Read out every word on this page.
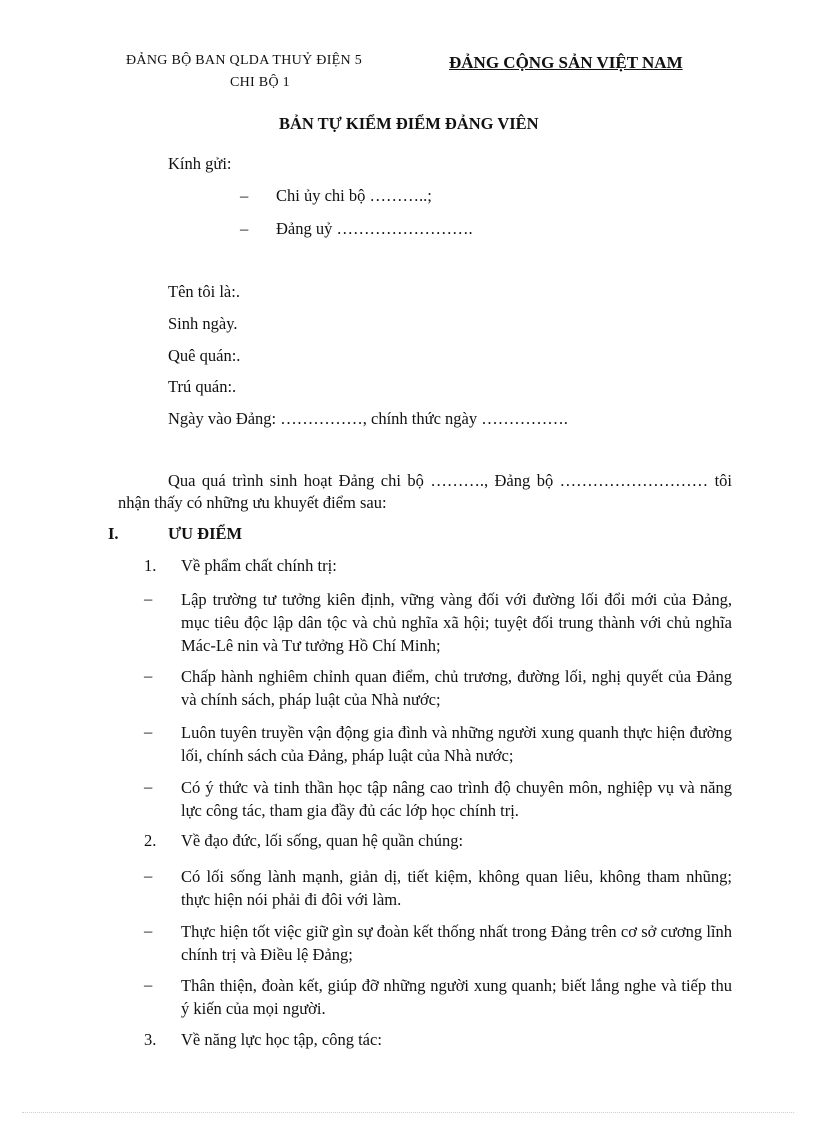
ĐẢNG BỘ BAN QLDA THUỶ ĐIỆN 5
CHI BỘ 1
ĐẢNG CỘNG SẢN VIỆT NAM
BẢN TỰ KIỂM ĐIỂM ĐẢNG VIÊN
Kính gửi:
– Chi ủy chi bộ ………..;
– Đảng uỷ …………………….
Tên tôi là:.
Sinh ngày.
Quê quán:.
Trú quán:.
Ngày vào Đảng: ……………, chính thức ngày …………….
Qua quá trình sinh hoạt Đảng chi bộ ………., Đảng bộ ……………………… tôi nhận thấy có những ưu khuyết điểm sau:
I.	ƯU ĐIỂM
1. Về phẩm chất chính trị:
– Lập trường tư tưởng kiên định, vững vàng đối với đường lối đổi mới của Đảng, mục tiêu độc lập dân tộc và chủ nghĩa xã hội; tuyệt đối trung thành với chủ nghĩa Mác-Lê nin và Tư tưởng Hồ Chí Minh;
– Chấp hành nghiêm chỉnh quan điểm, chủ trương, đường lối, nghị quyết của Đảng và chính sách, pháp luật của Nhà nước;
– Luôn tuyên truyền vận động gia đình và những người xung quanh thực hiện đường lối, chính sách của Đảng, pháp luật của Nhà nước;
– Có ý thức và tinh thần học tập nâng cao trình độ chuyên môn, nghiệp vụ và năng lực công tác, tham gia đầy đủ các lớp học chính trị.
2. Về đạo đức, lối sống, quan hệ quần chúng:
– Có lối sống lành mạnh, giản dị, tiết kiệm, không quan liêu, không tham nhũng; thực hiện nói phải đi đôi với làm.
– Thực hiện tốt việc giữ gìn sự đoàn kết thống nhất trong Đảng trên cơ sở cương lĩnh chính trị và Điều lệ Đảng;
– Thân thiện, đoàn kết, giúp đỡ những người xung quanh; biết lắng nghe và tiếp thu ý kiến của mọi người.
3. Về năng lực học tập, công tác:
